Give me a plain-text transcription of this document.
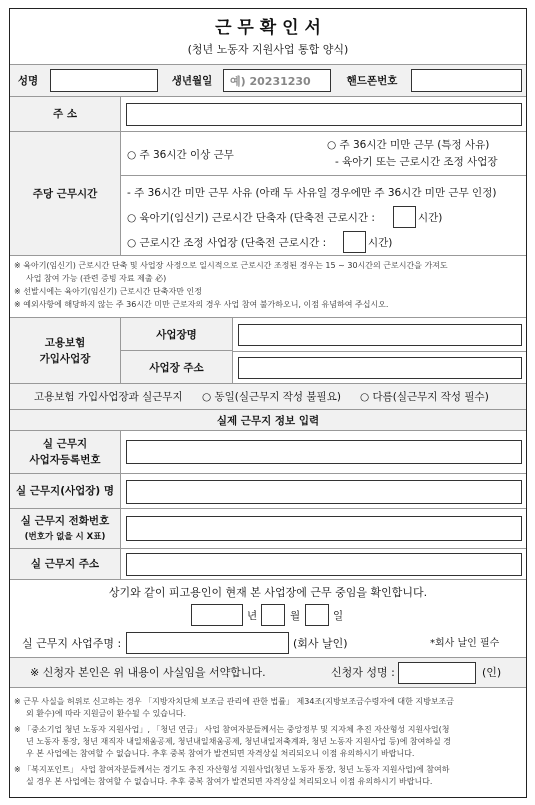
근 무 확 인 서
(청년 노동자 지원사업 통합 양식)
성명	생년월일	예) 20231230	핸드폰번호
주 소
주당 근무시간
○ 주 36시간 이상 근무
○ 주 36시간 미만 근무 (특정 사유)
- 육아기 또는 근로시간 조정 사업장
- 주 36시간 미만 근무 사유 (아래 두 사유일 경우에만 주 36시간 미만 근무 인정)
○ 육아기(임신기) 근로시간 단축자 (단축전 근로시간 :	시간)
○ 근로시간 조정 사업장 (단축전 근로시간 :	시간)
※ 육아기(임신기) 근로시간 단축 및 사업장 사정으로 일시적으로 근로시간 조정된 경우는 15 ~ 30시간의 근로시간을 가져도
사업 참여 가능 (관련 증빙 자료 제출 必)
※ 선발시에는 육아기(임신기) 근로시간 단축자만 인정
※ 예외사항에 해당하지 않는 주 36시간 미만 근로자의 경우 사업 참여 불가하오니, 이점 유념하여 주십시오.
고용보험
가입사업장
사업장명
사업장 주소
고용보험 가입사업장과 실근무지 ○ 동일(실근무지 작성 불필요) ○ 다름(실근무지 작성 필수)
실제 근무지 정보 입력
실 근무지
사업자등록번호
실 근무지(사업장) 명
실 근무지 전화번호
(번호가 없을 시 X표)
실 근무지 주소
상기와 같이 피고용인이 현재 본 사업장에 근무 중임을 확인합니다.
년	월	일
실 근무지 사업주명 :	(회사 날인)	*회사 날인 필수
※ 신청자 본인은 위 내용이 사실임을 서약합니다.	신청자 성명 :	(인)
※ 근무 사실을 허위로 신고하는 경우 「지방자치단체 보조금 관리에 관한 법률」 제34조(지방보조금수령자에 대한 지방보조금
외 환수)에 따라 지원금이 환수될 수 있습니다.
※ 「중소기업 청년 노동자 지원사업」, 「청년 연금」 사업 참여자분들께서는 중앙정부 및 지자체 추진 자산형성 지원사업(청
년 노동자 통장, 청년 재직자 내일채움공제, 청년내일채움공제, 청년내일저축계좌, 청년 노동자 지원사업 등)에 참여하실 경
우 본 사업에는 참여할 수 없습니다. 추후 중복 참여가 발견되면 자격상실 처리되오니 이점 유의하시기 바랍니다.
※ 「복지포인트」 사업 참여자분들께서는 경기도 추진 자산형성 지원사업(청년 노동자 통장, 청년 노동자 지원사업)에 참여하
실 경우 본 사업에는 참여할 수 없습니다. 추후 중복 참여가 발견되면 자격상실 처리되오니 이점 유의하시기 바랍니다.
